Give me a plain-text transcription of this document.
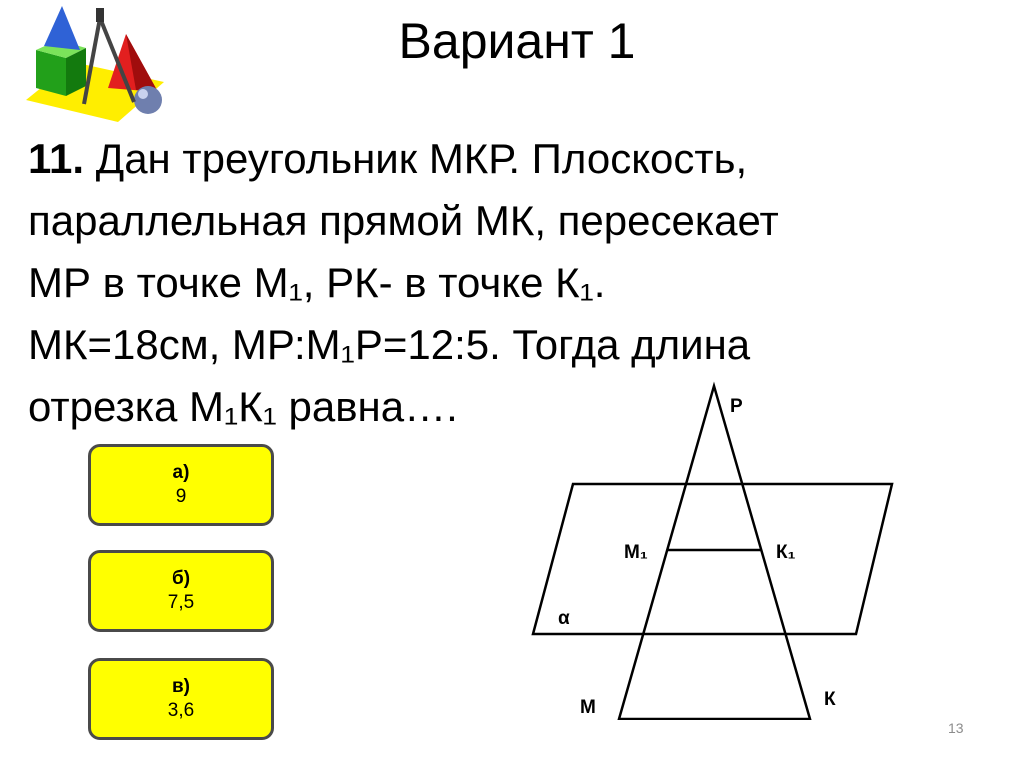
Вариант 1
11. Дан треугольник МКР. Плоскость,
параллельная прямой МК, пересекает
МР в точке М₁, РК- в точке К₁.
МК=18см, МР:М₁Р=12:5. Тогда длина
отрезка М₁К₁ равна….
а)
9
б)
7,5
в)
3,6
Р
М₁	К₁
α
М	К
13
